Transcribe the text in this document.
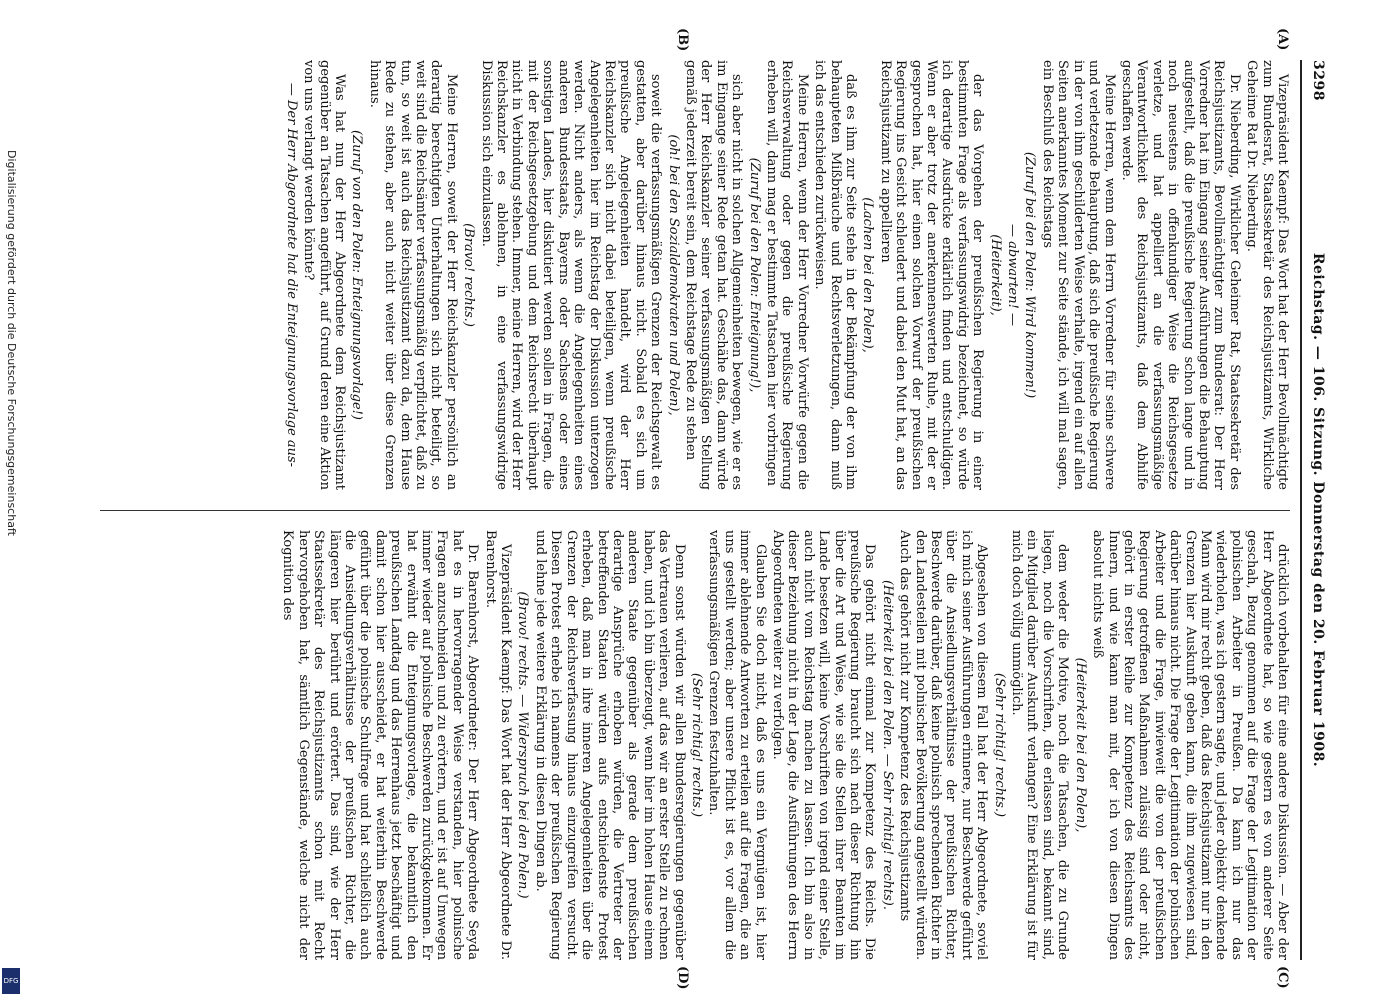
3298
Reichstag. — 106. Sitzung. Donnerstag den 20. Februar 1908.
(A)
(B)
(C)
(D)

Vizepräsident Kaempf: Das Wort hat der Herr Bevollmächtigte zum Bundesrat, Staatssekretär des Reichsjustizamts, Wirkliche Geheime Rat Dr. Nieberding.

Dr. Nieberding, Wirklicher Geheimer Rat, Staatssekretär des Reichsjustizamts, Bevollmächtigter zum Bundesrat: Der Herr Vorredner hat im Eingang seiner Ausführungen die Behauptung aufgestellt, daß die preußische Regierung schon lange und in noch neuestens in offenkundiger Weise die Reichsgesetze verletze, und hat appelliert an die verfassungsmäßige Verantwortlichkeit des Reichsjustizamts, daß dem Abhilfe geschaffen werde.

Meine Herren, wenn dem Herrn Vorredner für seine schwere und verletzende Behauptung, daß sich die preußische Regierung in der von ihm geschilderten Weise verhalte, irgend ein auf allen Seiten anerkanntes Moment zur Seite stände, ich will mal sagen, ein Beschluß des Reichstags

(Zuruf bei den Polen: Wird kommen!)

— abwarten! —

(Heiterkeit),

der das Vorgehen der preußischen Regierung in einer bestimmten Frage als verfassungswidrig bezeichnet, so würde ich derartige Ausdrücke erklärlich finden und entschuldigen. Wenn er aber trotz der anerkennenswerten Ruhe, mit der er gesprochen hat, hier einen solchen Vorwurf der preußischen Regierung ins Gesicht schleudert und dabei den Mut hat, an das Reichsjustizamt zu appellieren

(Lachen bei den Polen),

daß es ihm zur Seite stehe in der Bekämpfung der von ihm behaupteten Mißbräuche und Rechtsverletzungen, dann muß ich das entschieden zurückweisen.

Meine Herren, wenn der Herr Vorredner Vorwürfe gegen die Reichsverwaltung oder gegen die preußische Regierung erheben will, dann mag er bestimmte Tatsachen hier vorbringen

(Zuruf bei den Polen: Enteignung!),

sich aber nicht in solchen Allgemeinheiten bewegen, wie er es im Eingange seiner Rede getan hat. Geschähe das, dann würde der Herr Reichskanzler seiner verfassungsmäßigen Stellung gemäß jederzeit bereit sein, dem Reichstage Rede zu stehen

(oh! bei den Sozialdemokraten und Polen),

soweit die verfassungsmäßigen Grenzen der Reichsgewalt es gestatten, aber darüber hinaus nicht. Sobald es sich um preußische Angelegenheiten handelt, wird der Herr Reichskanzler sich nicht dabei beteiligen, wenn preußische Angelegenheiten hier im Reichstag der Diskussion unterzogen werden. Nicht anders, als wenn die Angelegenheiten eines anderen Bundesstaats, Bayerns oder Sachsens oder eines sonstigen Landes, hier diskutiert werden sollen in Fragen, die mit der Reichsgesetzgebung und dem Reichsrecht überhaupt nicht in Verbindung stehen. Immer, meine Herren, wird der Herr Reichskanzler es ablehnen, in eine verfassungswidrige Diskussion sich einzulassen.

(Bravo! rechts.)

Meine Herren, soweit der Herr Reichskanzler persönlich an derartig berechtigten Unterhaltungen sich nicht beteiligt, so weit sind die Reichsämter verfassungsmäßig verpflichtet, daß zu tun, so weit ist auch das Reichsjustizamt dazu da, dem Hause Rede zu stehen, aber auch nicht weiter über diese Grenzen hinaus.

(Zuruf von den Polen: Enteignungsvorlage!)

Was hat nun der Herr Abgeordnete dem Reichsjustizamt gegenüber an Tatsachen angeführt, auf Grund deren eine Aktion von uns verlangt werden könnte?

— Der Herr Abgeordnete hat die Enteignungsvorlage aus-

drücklich vorbehalten für eine andere Diskussion. — Aber der Herr Abgeordnete hat, so wie gestern es von anderer Seite geschah, Bezug genommen auf die Frage der Legitimation der polnischen Arbeiter in Preußen. Da kann ich nur das wiederholen, was ich gestern sagte, und jeder objektiv denkende Mann wird mir recht geben, daß das Reichsjustizamt nur in den Grenzen hier Auskunft geben kann, die ihm zugewiesen sind, darüber hinaus nicht. Die Frage der Legitimation der polnischen Arbeiter und die Frage, inwieweit die von der preußischen Regierung getroffenen Maßnahmen zulässig sind oder nicht, gehört in erster Reihe zur Kompetenz des Reichsamts des Innern, und wie kann man mit, der ich von diesen Dingen absolut nichts weiß

(Heiterkeit bei den Polen),

dem weder die Motive, noch die Tatsachen, die zu Grunde liegen, noch die Vorschriften, die erlassen sind, bekannt sind, ein Mitglied darüber Auskunft verlangen? Eine Erklärung ist für mich doch völlig unmöglich.

(Sehr richtig! rechts.)

Abgesehen von diesem Fall hat der Herr Abgeordnete, soviel ich mich seiner Ausführungen erinnere, nur Beschwerde geführt über die Ansiedlungsverhältnisse der preußischen Richter, Beschwerde darüber, daß keine polnisch sprechenden Richter in den Landesteilen mit polnischer Bevölkerung angestellt würden. Auch das gehört nicht zur Kompetenz des Reichsjustizamts

(Heiterkeit bei den Polen. — Sehr richtig! rechts).

Das gehört nicht einmal zur Kompetenz des Reichs. Die preußische Regierung braucht sich nach dieser Richtung hin über die Art und Weise, wie sie die Stellen ihrer Beamten im Lande besetzen will, keine Vorschriften von irgend einer Stelle, auch nicht vom Reichstag machen zu lassen. Ich bin also in dieser Beziehung nicht in der Lage, die Ausführungen des Herrn Abgeordneten weiter zu verfolgen.

Glauben Sie doch nicht, daß es uns ein Vergnügen ist, hier immer ablehnende Antworten zu erteilen auf die Fragen, die an uns gestellt werden; aber unsere Pflicht ist es, vor allem die verfassungsmäßigen Grenzen festzuhalten.

(Sehr richtig! rechts.)

Denn sonst würden wir allen Bundesregierungen gegenüber das Vertrauen verlieren, auf das wir an erster Stelle zu rechnen haben, und ich bin überzeugt, wenn hier im hohen Hause einem anderen Staate gegenüber als gerade dem preußischen derartige Ansprüche erhoben würden, die Vertreter der betreffenden Staaten würden aufs entschiedenste Protest erheben, daß man in ihre inneren Angelegenheiten über die Grenzen der Reichsverfassung hinaus einzugreifen versucht. Diesen Protest erhebe ich namens der preußischen Regierung und lehne jede weitere Erklärung in diesen Dingen ab.

(Bravo! rechts. — Widerspruch bei den Polen.)

Vizepräsident Kaempf: Das Wort hat der Herr Abgeordnete Dr. Barenhorst.

Dr. Barenhorst, Abgeordneter: Der Herr Abgeordnete Seyda hat es in hervorragender Weise verstanden, hier polnische Fragen anzuschneiden und zu erörtern, und er ist auf Umwegen immer wieder auf polnische Beschwerden zurückgekommen. Er hat erwähnt die Enteignungsvorlage, die bekanntlich den preußischen Landtag und das Herrenhaus jetzt beschäftigt und damit schon hier ausscheidet, er hat weiterhin Beschwerde geführt über die polnische Schulfrage und hat schließlich auch die Ansiedlungsverhältnisse der preußischen Richter, die längeren hier berührt und erörtert. Das sind, wie der Herr Staatssekretär des Reichsjustizamts schon mit Recht hervorgehoben hat, sämtlich Gegenstände, welche nicht der Kognition des

Digitalisierung gefördert durch die Deutsche Forschungsgemeinschaft
DFG
